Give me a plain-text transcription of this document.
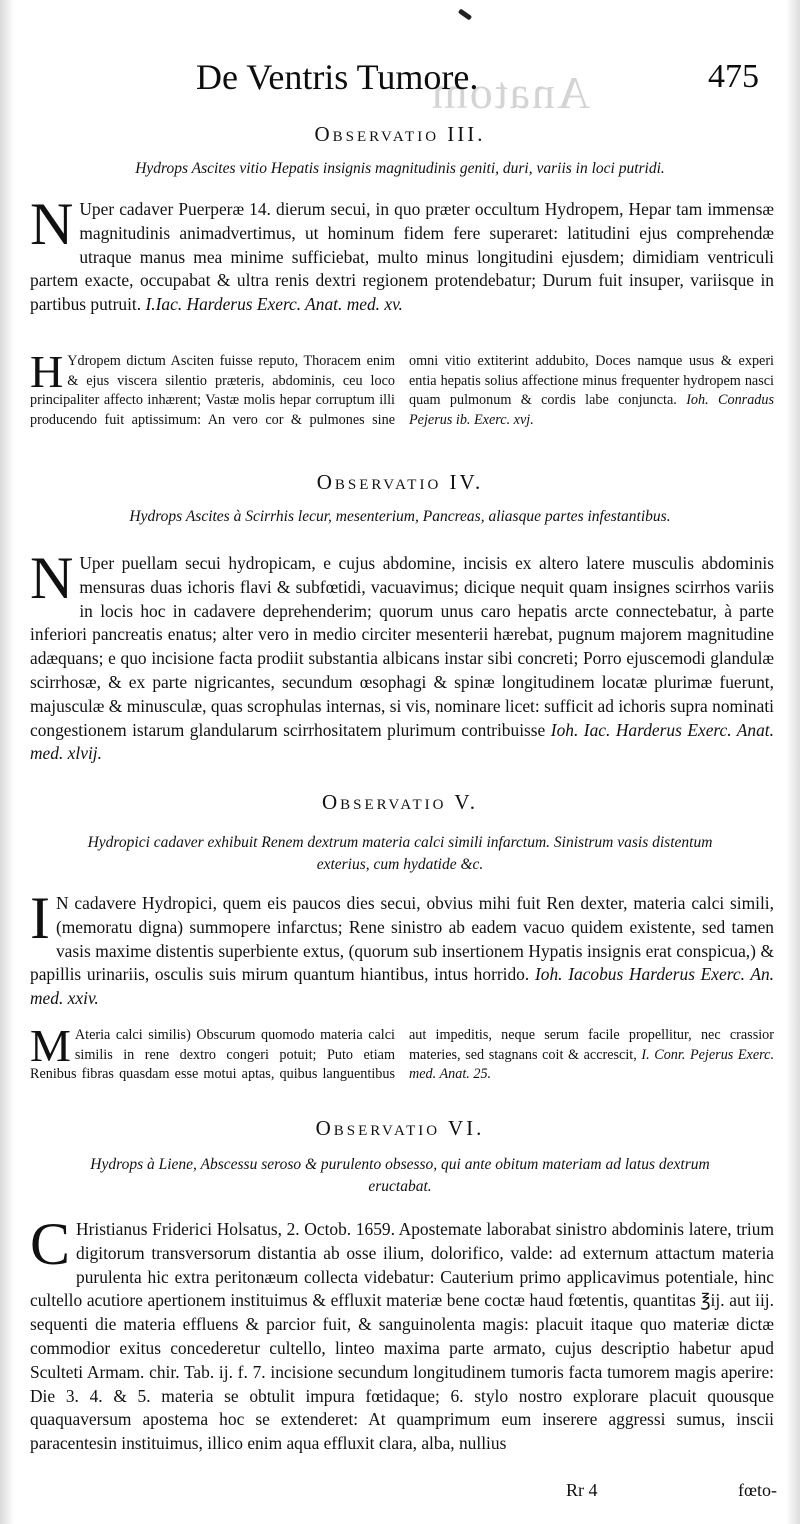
Anatom
De Ventris Tumore.	475
Observatio III.
Hydrops Ascites vitio Hepatis insignis magnitudinis geniti, duri, variis in loci putridi.

N Uper cadaver Puerperæ 14. dierum secui, in quo præter occultum Hydropem, Hepar tam immensæ magnitudinis animadvertimus, ut hominum fidem fere superaret: latitudini ejus comprehendæ utraque manus mea minime sufficiebat, multo minus longitudini ejusdem; dimidiam ventriculi partem exacte, occupabat & ultra renis dextri regionem protendebatur; Durum fuit insuper, variisque in partibus putruit. I.Iac. Harderus Exerc. Anat. med. xv.

H Ydropem dictum Asciten fuisse reputo, Thoracem enim & ejus viscera silentio præteris, abdominis, ceu loco principaliter affecto inhærent; Vastæ molis hepar corruptum illi producendo fuit aptissimum: An vero cor & pulmones sine omni vitio extiterint addubito, Doces namque usus & experi entia hepatis solius affectione minus frequenter hydropem nasci quam pulmonum & cordis labe conjuncta. Ioh. Conradus Pejerus ib. Exerc. xvj.
Observatio IV.
Hydrops Ascites à Scirrhis lecur, mesenterium, Pancreas, aliasque partes infestantibus.

N Uper puellam secui hydropicam, e cujus abdomine, incisis ex altero latere musculis abdominis mensuras duas ichoris flavi & subfœtidi, vacuavimus; dicique nequit quam insignes scirrhos variis in locis hoc in cadavere deprehenderim; quorum unus caro hepatis arcte connectebatur, à parte inferiori pancreatis enatus; alter vero in medio circiter mesenterii hærebat, pugnum majorem magnitudine adæquans; e quo incisione facta prodiit substantia albicans instar sibi concreti; Porro ejuscemodi glandulæ scirrhosæ, & ex parte nigricantes, secundum œsophagi & spinæ longitudinem locatæ plurimæ fuerunt, majusculæ & minusculæ, quas scrophulas internas, si vis, nominare licet: sufficit ad ichoris supra nominati congestionem istarum glandularum scirrhositatem plurimum contribuisse Ioh. Iac. Harderus Exerc. Anat. med. xlvij.

Observatio V.
Hydropici cadaver exhibuit Renem dextrum materia calci simili infarctum. Sinistrum vasis distentum exterius, cum hydatide &c.

I N cadavere Hydropici, quem eis paucos dies secui, obvius mihi fuit Ren dexter, materia calci simili, (memoratu digna) summopere infarctus; Rene sinistro ab eadem vacuo quidem existente, sed tamen vasis maxime distentis superbiente extus, (quorum sub insertionem Hypatis insignis erat conspicua,) & papillis urinariis, osculis suis mirum quantum hiantibus, intus horrido. Ioh. Iacobus Harderus Exerc. An. med. xxiv.

M Ateria calci similis) Obscurum quomodo materia calci similis in rene dextro congeri potuit; Puto etiam Renibus fibras quasdam esse motui aptas, quibus languentibus aut impeditis, neque serum facile propellitur, nec crassior materies, sed stagnans coit & accrescit, I. Conr. Pejerus Exerc. med. Anat. 25.
Observatio VI.
Hydrops à Liene, Abscessu seroso & purulento obsesso, qui ante obitum materiam ad latus dextrum eructabat.

C Hristianus Friderici Holsatus, 2. Octob. 1659. Apostemate laborabat sinistro abdominis latere, trium digitorum transversorum distantia ab osse ilium, dolorifico, valde: ad externum attactum materia purulenta hic extra peritonæum collecta videbatur: Cauterium primo applicavimus potentiale, hinc cultello acutiore apertionem instituimus & effluxit materiæ bene coctæ haud fœtentis, quantitas ℥ij. aut iij. sequenti die materia effluens & parcior fuit, & sanguinolenta magis: placuit itaque quo materiæ dictæ commodior exitus concederetur cultello, linteo maxima parte armato, cujus descriptio habetur apud Sculteti Armam. chir. Tab. ij. f. 7. incisione secundum longitudinem tumoris facta tumorem magis aperire: Die 3. 4. & 5. materia se obtulit impura fœtidaque; 6. stylo nostro explorare placuit quousque quaquaversum apostema hoc se extenderet: At quamprimum eum inserere aggressi sumus, inscii paracentesin instituimus, illico enim aqua effluxit clara, alba, nullius

Rr 4	fœto-
